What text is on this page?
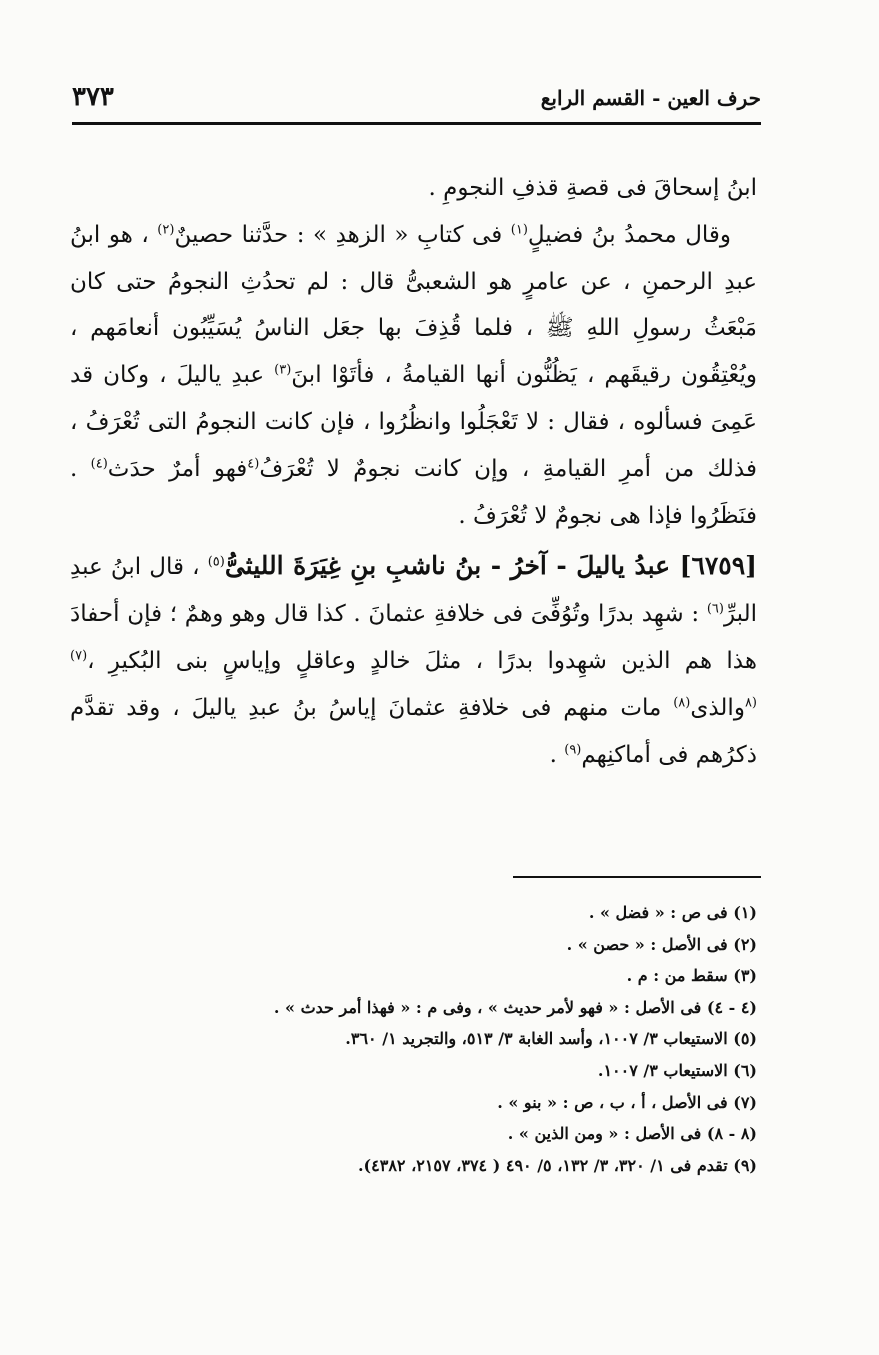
٣٧٣	حرف العين - القسم الرابع

ابنُ إسحاقَ فى قصةِ قذفِ النجومِ .

وقال محمدُ بنُ فضيلٍ$^{(١)}$ فى كتابِ « الزهدِ » : حدَّثنا حصينٌ$^{(٢)}$ ، هو ابنُ عبدِ الرحمنِ ، عن عامرٍ هو الشعبىُّ قال : لم تحدُثِ النجومُ حتى كان مَبْعَثُ رسولِ اللهِ ﷺ ، فلما قُذِفَ بها جعَل الناسُ يُسَيِّبُون أنعامَهم ، ويُعْتِقُون رقيقَهم ، يَظُنُّون أنها القيامةُ ، فأتَوْا ابنَ$^{(٣)}$ عبدِ ياليلَ ، وكان قد عَمِىَ فسألوه ، فقال : لا تَعْجَلُوا وانظُرُوا ، فإن كانت النجومُ التى تُعْرَفُ ، فذلك من أمرِ القيامةِ ، وإن كانت نجومٌ لا تُعْرَفُ$^{(٤}$فهو أمرٌ حدَث$^{(٤)}$ . فنَظَرُوا فإذا هى نجومٌ لا تُعْرَفُ .

[٦٧٥٩] عبدُ ياليلَ - آخرُ - بنُ ناشبِ بنِ غِيَرَةَ الليثىُّ$^{(٥)}$ ، قال ابنُ عبدِ البرِّ$^{(٦)}$ : شهِد بدرًا وتُوُفِّىَ فى خلافةِ عثمانَ . كذا قال وهو وهمٌ ؛ فإن أحفادَ هذا هم الذين شهِدوا بدرًا ، مثلَ خالدٍ وعاقلٍ وإياسٍ بنى البُكيرِ ،$^{(٧)}$ $^{(٨}$والذى$^{(٨)}$ مات منهم فى خلافةِ عثمانَ إياسُ بنُ عبدِ ياليلَ ، وقد تقدَّم ذكرُهم فى أماكنِهم$^{(٩)}$ .

(١) فى ص : « فضل » .
(٢) فى الأصل : « حصن » .
(٣) سقط من : م .
(٤ - ٤) فى الأصل : « فهو لأمر حديث » ، وفى م : « فهذا أمر حدث » .
(٥) الاستيعاب ٣/ ١٠٠٧، وأسد الغابة ٣/ ٥١٣، والتجريد ١/ ٣٦٠.
(٦) الاستيعاب ٣/ ١٠٠٧.
(٧) فى الأصل ، أ ، ب ، ص : « بنو » .
(٨ - ٨) فى الأصل : « ومن الذين » .
(٩) تقدم فى ١/ ٣٢٠، ٣/ ١٣٢، ٥/ ٤٩٠ ( ٣٧٤، ٢١٥٧، ٤٣٨٢).
